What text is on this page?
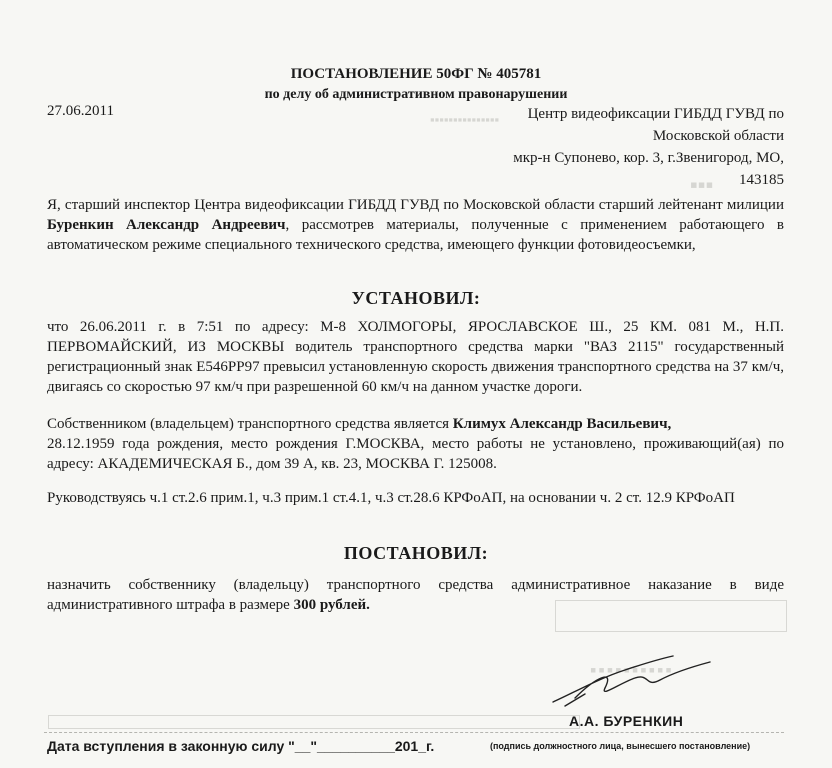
▪▪▪▪▪▪▪▪▪▪▪▪▪▪▪
▪▪▪
▪▪▪▪▪▪▪▪▪▪
ПОСТАНОВЛЕНИЕ 50ФГ № 405781
по делу об административном правонарушении
27.06.2011	Центр видеофиксации ГИБДД ГУВД по
Московской области
мкр-н Супонево, кор. 3, г.Звенигород, МО,
143185
Я, старший инспектор Центра видеофиксации ГИБДД ГУВД по Московской области старший лейтенант милиции Буренкин Александр Андреевич, рассмотрев материалы, полученные с применением работающего в автоматическом режиме специального технического средства, имеющего функции фотовидеосъемки,
УСТАНОВИЛ:
что 26.06.2011 г. в 7:51 по адресу: М-8 ХОЛМОГОРЫ, ЯРОСЛАВСКОЕ Ш., 25 КМ. 081 М., Н.П. ПЕРВОМАЙСКИЙ, ИЗ МОСКВЫ водитель транспортного средства марки "ВАЗ 2115" государственный регистрационный знак Е546РР97 превысил установленную скорость движения транспортного средства на 37 км/ч, двигаясь со скоростью 97 км/ч при разрешенной 60 км/ч на данном участке дороги.
Собственником (владельцем) транспортного средства является Климух Александр Васильевич,
28.12.1959 года рождения, место рождения Г.МОСКВА, место работы не установлено, проживающий(ая) по адресу: АКАДЕМИЧЕСКАЯ Б., дом 39 А, кв. 23, МОСКВА Г. 125008.
Руководствуясь ч.1 ст.2.6 прим.1, ч.3 прим.1 ст.4.1, ч.3 ст.28.6 КРФоАП, на основании ч. 2 ст. 12.9 КРФоАП
ПОСТАНОВИЛ:
назначить собственнику (владельцу) транспортного средства административное наказание в виде административного штрафа в размере 300 рублей.
А.А. БУРЕНКИН
Дата вступления в законную силу "__"__________201_г.	(подпись должностного лица, вынесшего постановление)
